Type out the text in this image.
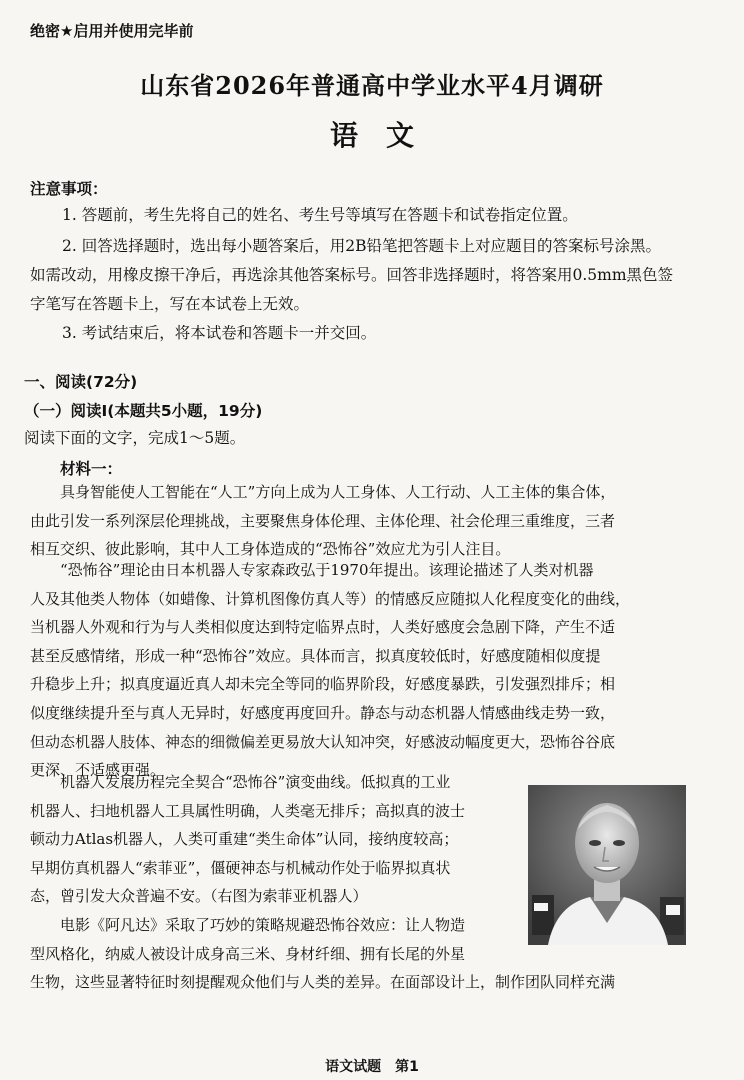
绝密★启用并使用完毕前
山东省2026年普通高中学业水平4月调研
语文
注意事项：
1. 答题前，考生先将自己的姓名、考生号等填写在答题卡和试卷指定位置。
2. 回答选择题时，选出每小题答案后，用2B铅笔把答题卡上对应题目的答案标号涂黑。
如需改动，用橡皮擦干净后，再选涂其他答案标号。回答非选择题时，将答案用0.5mm黑色签
字笔写在答题卡上，写在本试卷上无效。
3. 考试结束后，将本试卷和答题卡一并交回。
一、阅读(72分)
（一）阅读Ⅰ(本题共5小题，19分)
阅读下面的文字，完成1～5题。
材料一：

具身智能使人工智能在“人工”方向上成为人工身体、人工行动、人工主体的集合体，

由此引发一系列深层伦理挑战，主要聚焦身体伦理、主体伦理、社会伦理三重维度，三者

相互交织、彼此影响，其中人工身体造成的“恐怖谷”效应尤为引人注目。

“恐怖谷”理论由日本机器人专家森政弘于1970年提出。该理论描述了人类对机器

人及其他类人物体（如蜡像、计算机图像仿真人等）的情感反应随拟人化程度变化的曲线，

当机器人外观和行为与人类相似度达到特定临界点时，人类好感度会急剧下降，产生不适

甚至反感情绪，形成一种“恐怖谷”效应。具体而言，拟真度较低时，好感度随相似度提

升稳步上升；拟真度逼近真人却未完全等同的临界阶段，好感度暴跌，引发强烈排斥；相

似度继续提升至与真人无异时，好感度再度回升。静态与动态机器人情感曲线走势一致，

但动态机器人肢体、神态的细微偏差更易放大认知冲突，好感波动幅度更大，恐怖谷谷底

更深、不适感更强。

机器人发展历程完全契合“恐怖谷”演变曲线。低拟真的工业

机器人、扫地机器人工具属性明确，人类毫无排斥；高拟真的波士

顿动力Atlas机器人，人类可重建“类生命体”认同，接纳度较高；

早期仿真机器人“索菲亚”，僵硬神态与机械动作处于临界拟真状

态，曾引发大众普遍不安。（右图为索菲亚机器人）

电影《阿凡达》采取了巧妙的策略规避恐怖谷效应：让人物造

型风格化，纳威人被设计成身高三米、身材纤细、拥有长尾的外星

生物，这些显著特征时刻提醒观众他们与人类的差异。在面部设计上，制作团队同样充满

语文试题　第1
